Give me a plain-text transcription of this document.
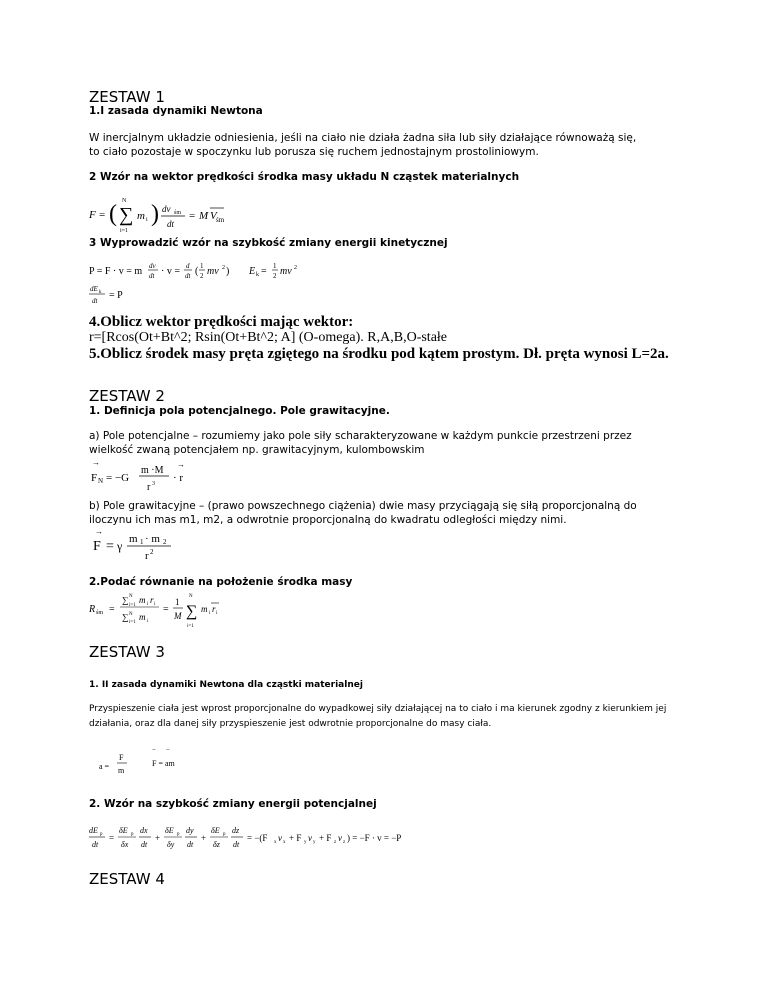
ZESTAW 1
1.I zasada dynamiki Newtona
W inercjalnym układzie odniesienia, jeśli na ciało nie działa żadna siła lub siły działające równoważą się,
to ciało pozostaje w spoczynku lub porusza się ruchem jednostajnym prostoliniowym.
2 Wzór na wektor prędkości środka masy układu N cząstek materialnych
F = ( ∑
N
i=1
m i ) dv śm
dt
= M V śm
3 Wyprowadzić wzór na szybkość zmiany energii kinetycznej
P = F · v = m dv
dt · v = d
dt ( 1
2 mv 2 ) E k = 1
2 mv 2
dE k
dt = P
4.Oblicz wektor prędkości mając wektor:
r=[Rcos(Ot+Bt^2; Rsin(Ot+Bt^2; A] (O-omega). R,A,B,O-stałe
5.Oblicz środek masy pręta zgiętego na środku pod kątem prostym. Dł. pręta wynosi L=2a.
ZESTAW 2
1. Definicja pola potencjalnego. Pole grawitacyjne.
a) Pole potencjalne – rozumiemy jako pole siły scharakteryzowane w każdym punkcie przestrzeni przez
wielkość zwaną potencjałem np. grawitacyjnym, kulombowskim
→
F N = −G
m ·M
r 3 · r
→
b) Pole grawitacyjne – (prawo powszechnego ciążenia) dwie masy przyciągają się siłą proporcjonalną do
iloczynu ich mas m1, m2, a odwrotnie proporcjonalną do kwadratu odległości między nimi.
→
F = γ m 1 · m 2
r 2
2.Podać równanie na położenie środka masy
R śm =
∑ N
i=1
m i r i
∑ N
i=1
m i
=
1
M ∑
N
i=1
m i r i
ZESTAW 3
1. II zasada dynamiki Newtona dla cząstki materialnej
Przyspieszenie ciała jest wprost proporcjonalne do wypadkowej siły działającej na to ciało i ma kierunek zgodny z kierunkiem jej
działania, oraz dla danej siły przyspieszenie jest odwrotnie proporcjonalne do masy ciała.
a =
F
m
− −
F = am
2. Wzór na szybkość zmiany energii potencjalnej
dE p
dt
=
δE p
δx
dx
dt
+
δE p
δy
dy
dt
+
δE p
δz
dz
dt
= −(F x v x + F y v y + F z v z ) = −F · v = −P
ZESTAW 4
